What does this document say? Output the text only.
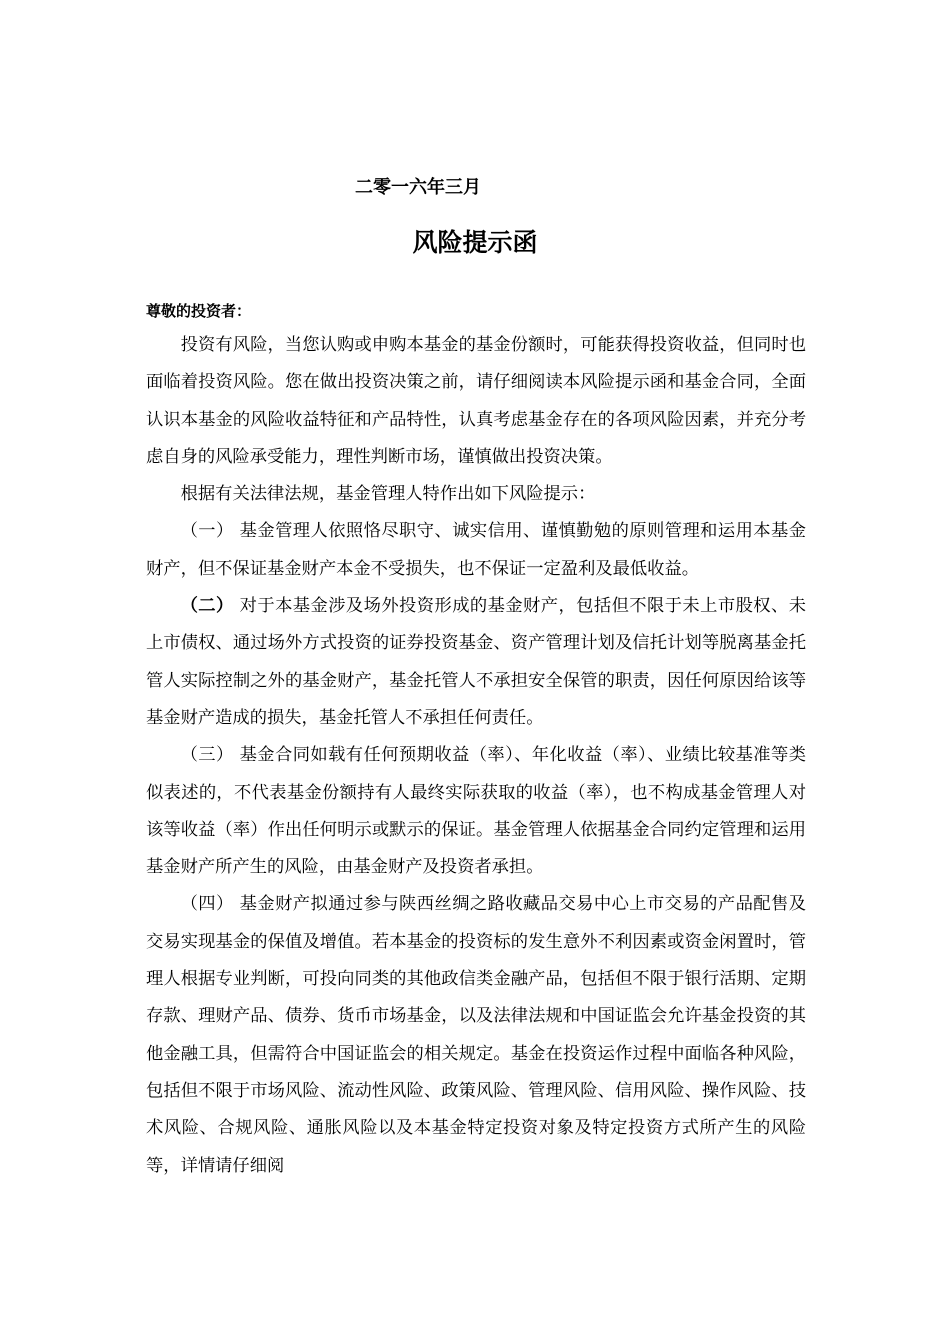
二零一六年三月
风险提示函
尊敬的投资者：

投资有风险，当您认购或申购本基金的基金份额时，可能获得投资收益，但同时也面临着投资风险。您在做出投资决策之前，请仔细阅读本风险提示函和基金合同，全面认识本基金的风险收益特征和产品特性，认真考虑基金存在的各项风险因素，并充分考虑自身的风险承受能力，理性判断市场，谨慎做出投资决策。

根据有关法律法规，基金管理人特作出如下风险提示：

（一） 基金管理人依照恪尽职守、诚实信用、谨慎勤勉的原则管理和运用本基金财产，但不保证基金财产本金不受损失，也不保证一定盈利及最低收益。

（二） 对于本基金涉及场外投资形成的基金财产，包括但不限于未上市股权、未上市债权、通过场外方式投资的证券投资基金、资产管理计划及信托计划等脱离基金托管人实际控制之外的基金财产，基金托管人不承担安全保管的职责，因任何原因给该等基金财产造成的损失，基金托管人不承担任何责任。

（三） 基金合同如载有任何预期收益（率）、年化收益（率）、业绩比较基准等类似表述的，不代表基金份额持有人最终实际获取的收益（率），也不构成基金管理人对该等收益（率）作出任何明示或默示的保证。基金管理人依据基金合同约定管理和运用基金财产所产生的风险，由基金财产及投资者承担。

（四） 基金财产拟通过参与陕西丝绸之路收藏品交易中心上市交易的产品配售及交易实现基金的保值及增值。若本基金的投资标的发生意外不利因素或资金闲置时，管理人根据专业判断，可投向同类的其他政信类金融产品，包括但不限于银行活期、定期存款、理财产品、债券、货币市场基金，以及法律法规和中国证监会允许基金投资的其他金融工具，但需符合中国证监会的相关规定。基金在投资运作过程中面临各种风险，包括但不限于市场风险、流动性风险、政策风险、管理风险、信用风险、操作风险、技术风险、合规风险、通胀风险以及本基金特定投资对象及特定投资方式所产生的风险等，详情请仔细阅
